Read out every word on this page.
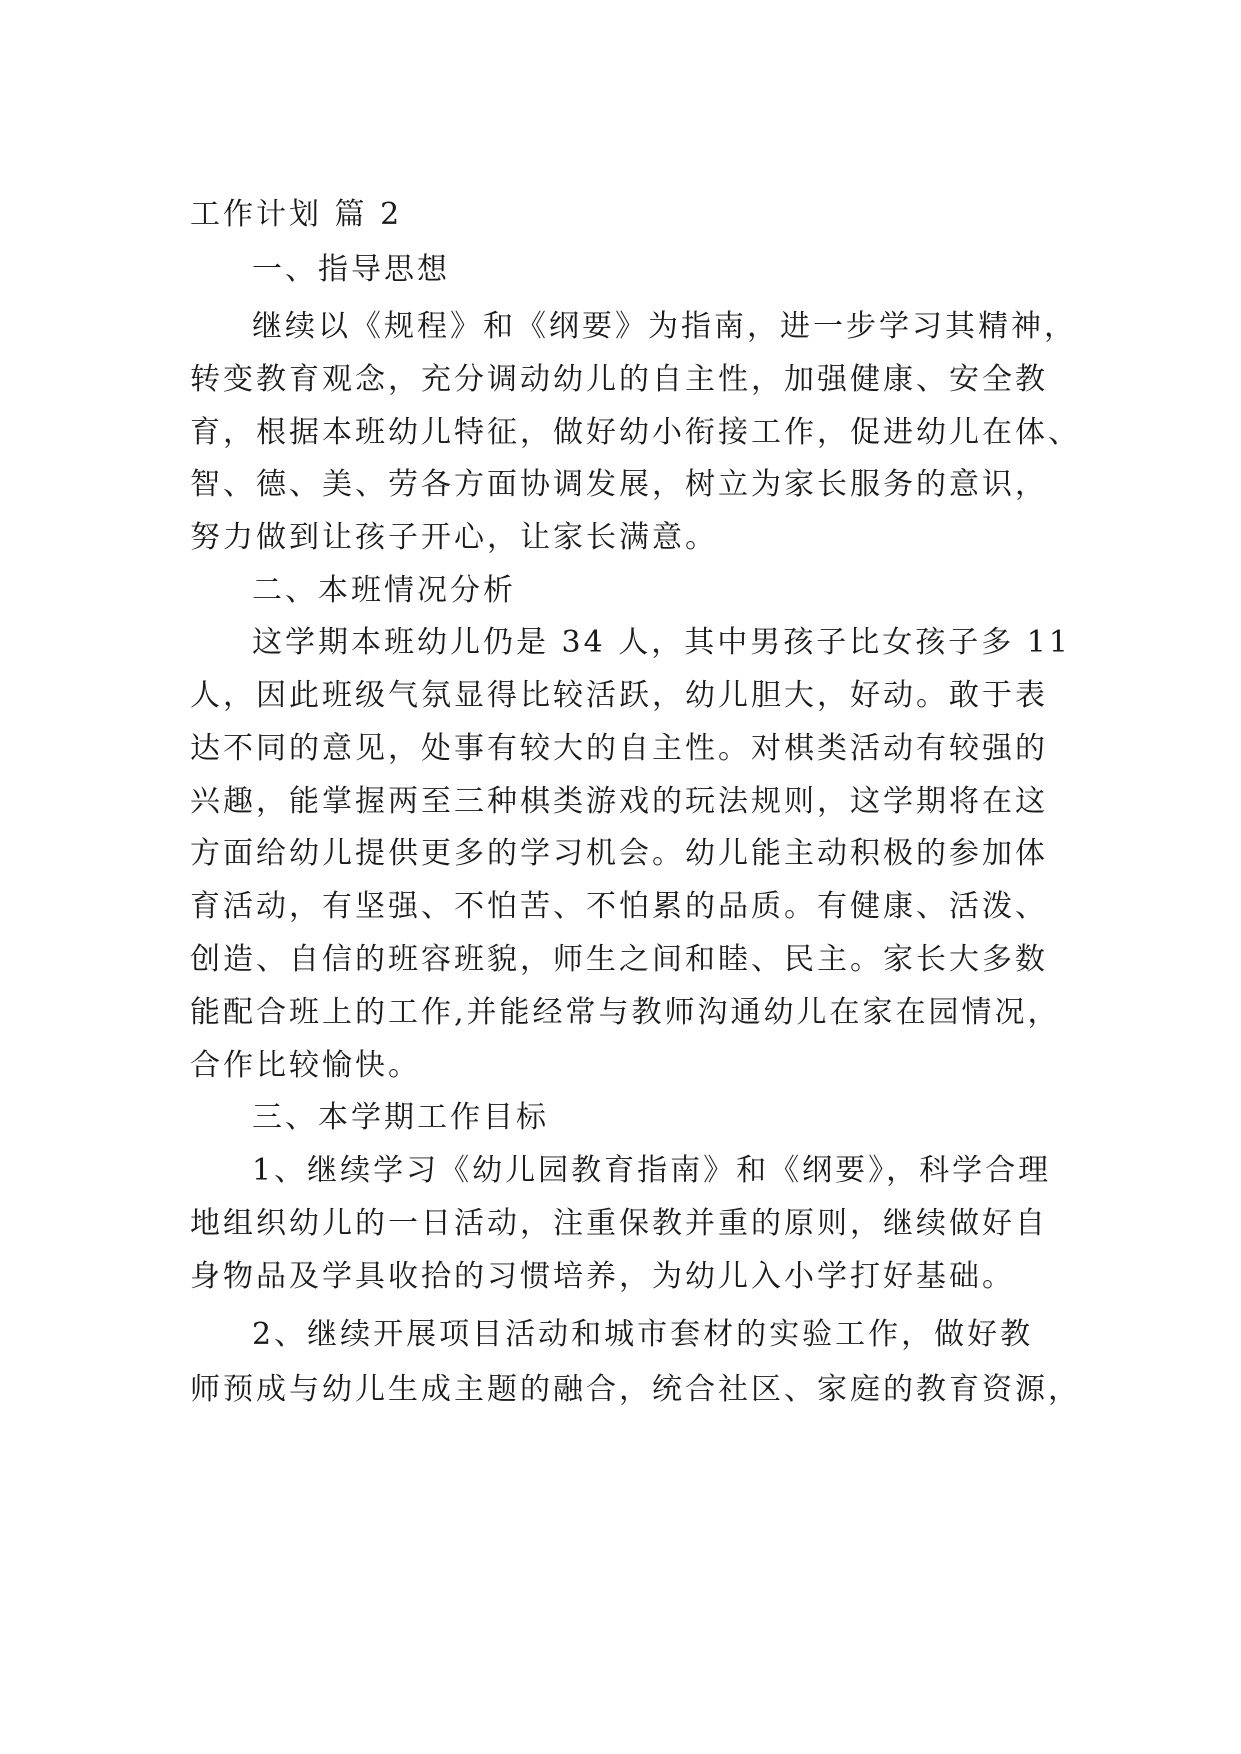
工作计划 篇 2
一、指导思想
继续以《规程》和《纲要》为指南，进一步学习其精神，
转变教育观念，充分调动幼儿的自主性，加强健康、安全教
育，根据本班幼儿特征，做好幼小衔接工作，促进幼儿在体、
智、德、美、劳各方面协调发展，树立为家长服务的意识，
努力做到让孩子开心，让家长满意。
二、本班情况分析
这学期本班幼儿仍是 34 人，其中男孩子比女孩子多 11
人，因此班级气氛显得比较活跃，幼儿胆大，好动。敢于表
达不同的意见，处事有较大的自主性。对棋类活动有较强的
兴趣，能掌握两至三种棋类游戏的玩法规则，这学期将在这
方面给幼儿提供更多的学习机会。幼儿能主动积极的参加体
育活动，有坚强、不怕苦、不怕累的品质。有健康、活泼、
创造、自信的班容班貌，师生之间和睦、民主。家长大多数
能配合班上的工作,并能经常与教师沟通幼儿在家在园情况，
合作比较愉快。
三、本学期工作目标
1、继续学习《幼儿园教育指南》和《纲要》，科学合理
地组织幼儿的一日活动，注重保教并重的原则，继续做好自
身物品及学具收拾的习惯培养，为幼儿入小学打好基础。
2、继续开展项目活动和城市套材的实验工作，做好教
师预成与幼儿生成主题的融合，统合社区、家庭的教育资源，
